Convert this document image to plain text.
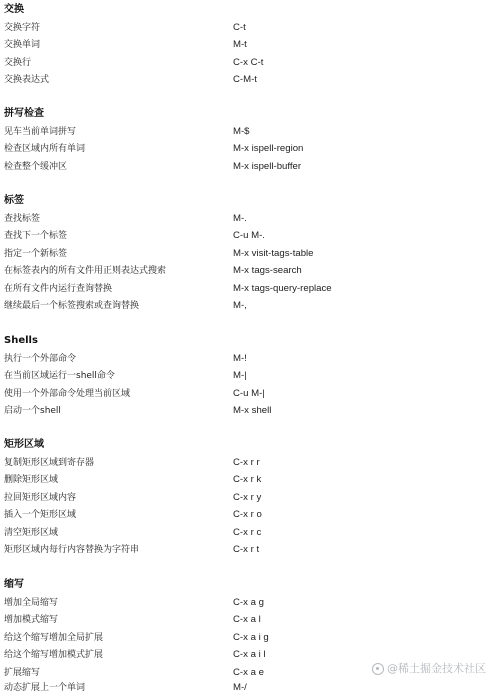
交换
交换字符	C-t
交换单词	M-t
交换行	C-x C-t
交换表达式	C-M-t
拼写检查
见车当前单词拼写	M-$
检查区域内所有单词	M-x ispell-region
检查整个缓冲区	M-x ispell-buffer
标签
查找标签	M-.
查找下一个标签	C-u M-.
指定一个新标签	M-x visit-tags-table
在标签表内的所有文件用正则表达式搜索	M-x tags-search
在所有文件内运行查询替换	M-x tags-query-replace
继续最后一个标签搜索或查询替换	M-,
Shells
执行一个外部命令	M-!
在当前区域运行一shell命令	M-|
使用一个外部命令处理当前区域	C-u M-|
启动一个shell	M-x shell
矩形区域
复制矩形区域到寄存器	C-x r r
删除矩形区域	C-x r k
拉回矩形区域内容	C-x r y
插入一个矩形区域	C-x r o
清空矩形区域	C-x r c
矩形区域内每行内容替换为字符串	C-x r t
缩写
增加全局缩写	C-x a g
增加模式缩写	C-x a l
给这个缩写增加全局扩展	C-x a i g
给这个缩写增加模式扩展	C-x a i l
扩展缩写	C-x a e
动态扩展上一个单词	M-/
@稀土掘金技术社区
